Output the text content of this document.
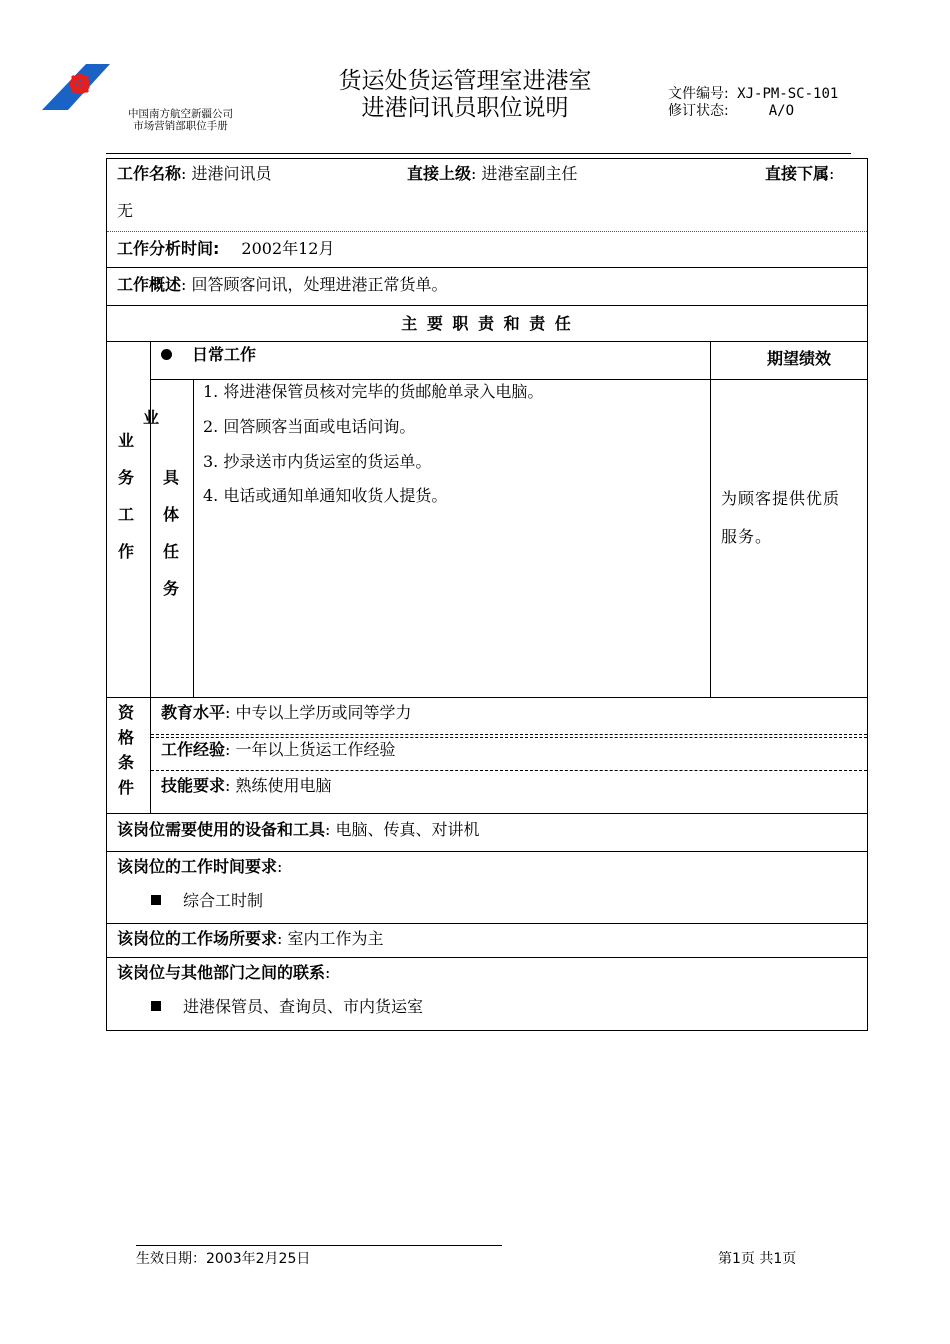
中国南方航空新疆公司
市场营销部职位手册
货运处货运管理室进港室
进港问讯员职位说明
文件编号: XJ-PM-SC-101
修订状态:	A/O
工作名称: 进港问讯员	直接上级: 进港室副主任	直接下属:
无
工作分析时间: 2002年12月
工作概述: 回答顾客问讯，处理进港正常货单。
主 要 职 责 和 责 任
业
务
工
作
日常工作
具
体
任
务
业
1. 将进港保管员核对完毕的货邮舱单录入电脑。
2. 回答顾客当面或电话问询。
3. 抄录送市内货运室的货运单。
4. 电话或通知单通知收货人提货。
期望绩效
为顾客提供优质
服务。
资
格
条
件
教育水平: 中专以上学历或同等学力
工作经验: 一年以上货运工作经验
技能要求: 熟练使用电脑
该岗位需要使用的设备和工具: 电脑、传真、对讲机
该岗位的工作时间要求:
综合工时制
该岗位的工作场所要求: 室内工作为主
该岗位与其他部门之间的联系:
进港保管员、查询员、市内货运室
生效日期：2003年2月25日	第1页 共1页
